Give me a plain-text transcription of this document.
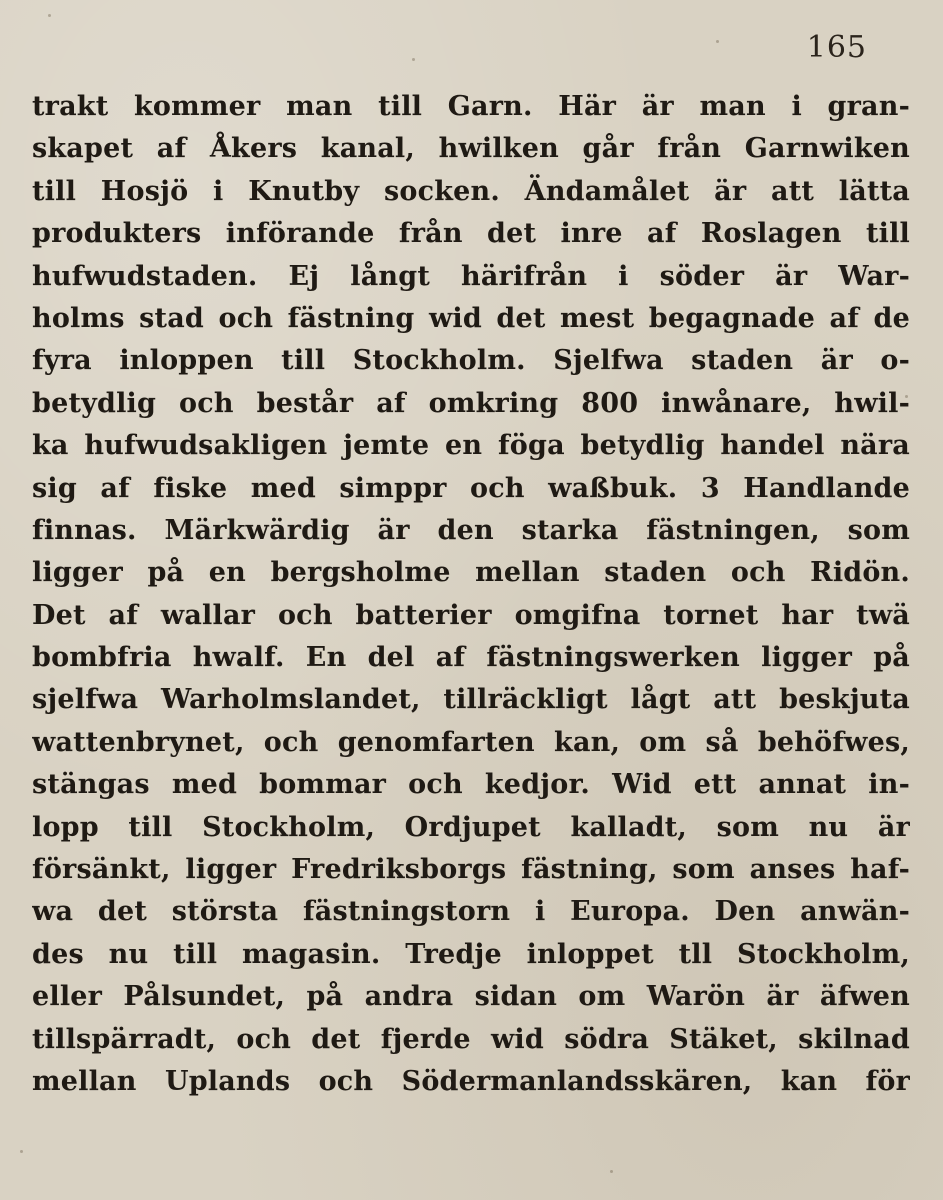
165
trakt kommer man till Garn. Här är man i gran-
skapet af Åkers kanal, hwilken går från Garnwiken
till Hosjö i Knutby socken. Ändamålet är att lätta
produkters införande från det inre af Roslagen till
hufwudstaden. Ej långt härifrån i söder är War-
holms stad och fästning wid det mest begagnade af de
fyra inloppen till Stockholm. Sjelfwa staden är o-
betydlig och består af omkring 800 inwånare, hwil-
ka hufwudsakligen jemte en föga betydlig handel nära
sig af fiske med simppr och waßbuk. 3 Handlande
finnas. Märkwärdig är den starka fästningen, som
ligger på en bergsholme mellan staden och Ridön.
Det af wallar och batterier omgifna tornet har twä
bombfria hwalf. En del af fästningswerken ligger på
sjelfwa Warholmslandet, tillräckligt lågt att beskjuta
wattenbrynet, och genomfarten kan, om så behöfwes,
stängas med bommar och kedjor. Wid ett annat in-
lopp till Stockholm, Ordjupet kalladt, som nu är
försänkt, ligger Fredriksborgs fästning, som anses haf-
wa det största fästningstorn i Europa. Den anwän-
des nu till magasin. Tredje inloppet tll Stockholm,
eller Pålsundet, på andra sidan om Warön är äfwen
tillspärradt, och det fjerde wid södra Stäket, skilnad
mellan Uplands och Södermanlandsskären, kan för
